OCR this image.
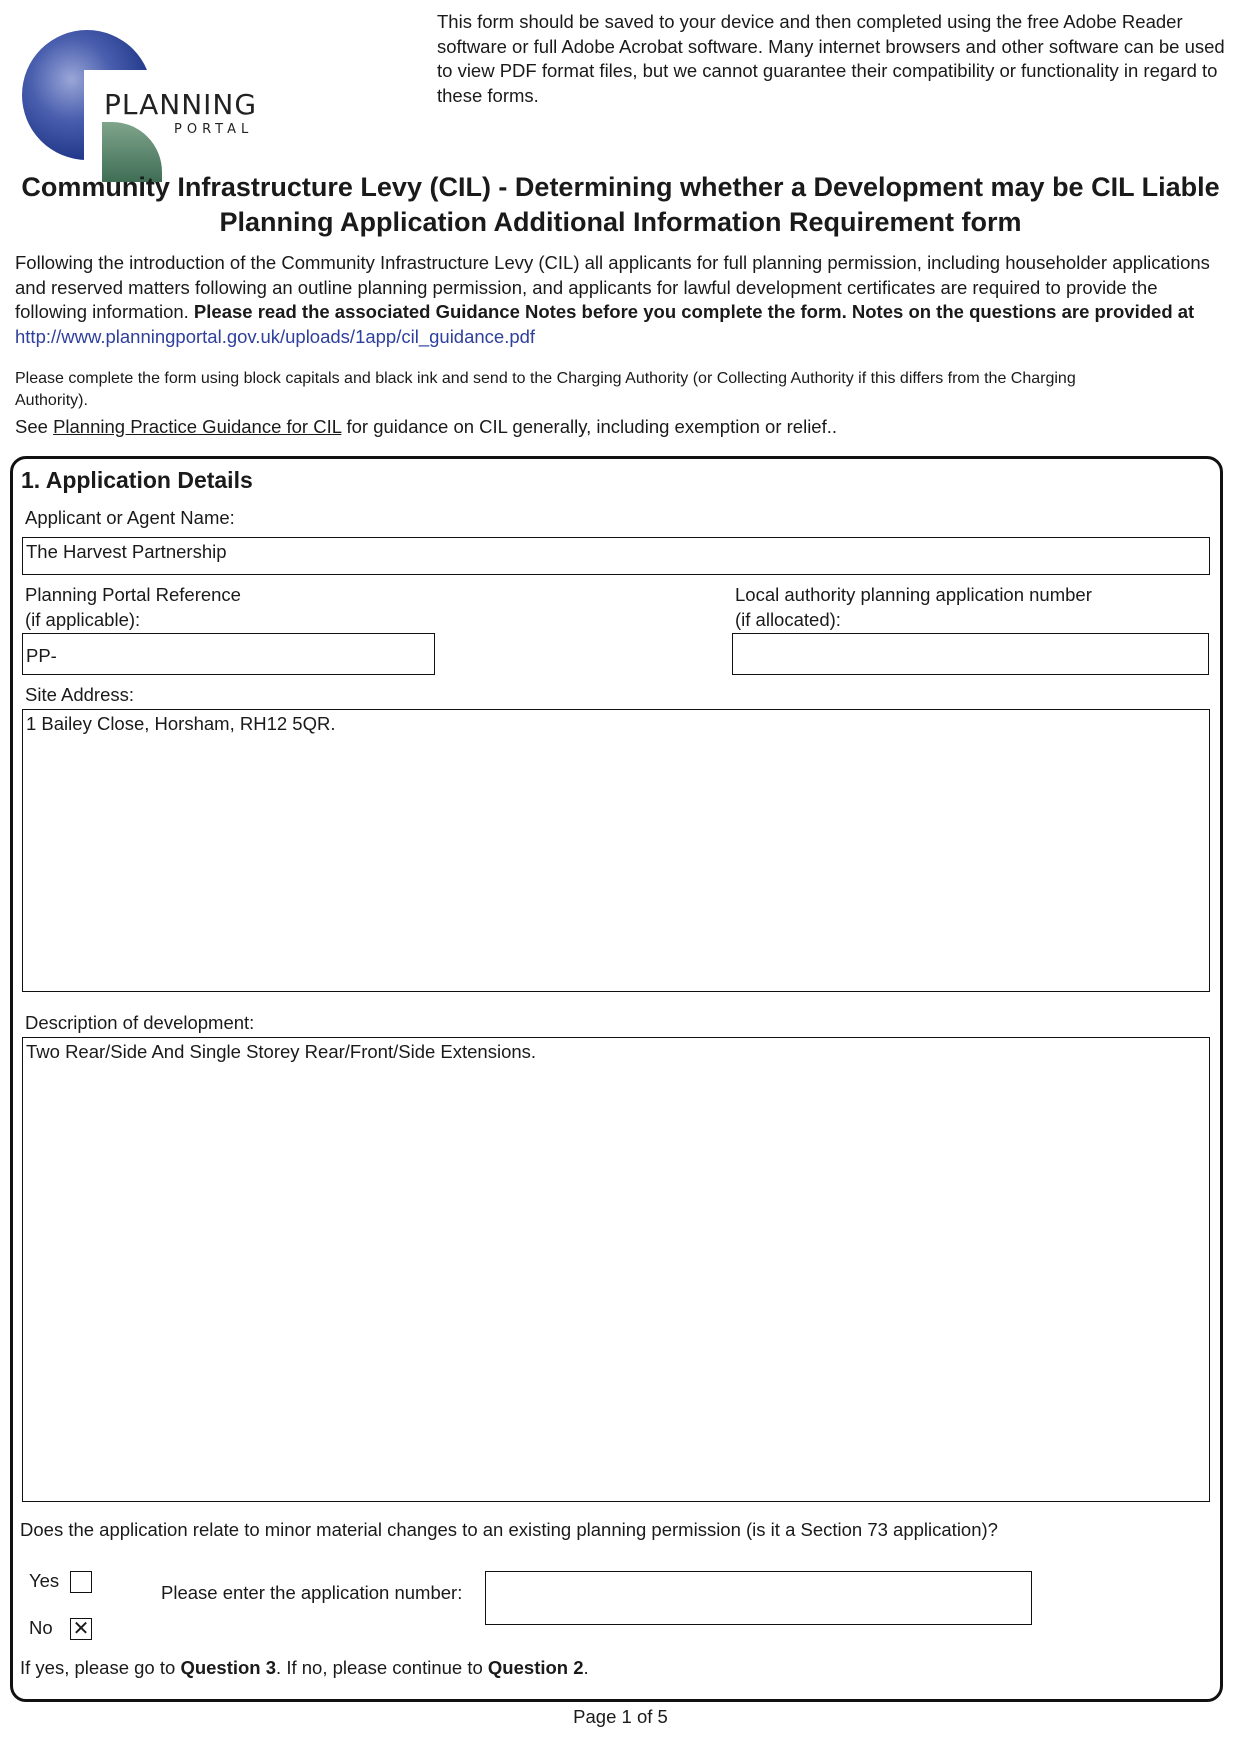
PLANNING
PORTAL
This form should be saved to your device and then completed using the free Adobe Reader software or full Adobe Acrobat software. Many internet browsers and other software can be used to view PDF format files, but we cannot guarantee their compatibility or functionality in regard to these forms.
Community Infrastructure Levy (CIL) - Determining whether a Development may be CIL Liable
Planning Application Additional Information Requirement form
Following the introduction of the Community Infrastructure Levy (CIL) all applicants for full planning permission, including householder applications and reserved matters following an outline planning permission, and applicants for lawful development certificates are required to provide the following information. Please read the associated Guidance Notes before you complete the form. Notes on the questions are provided at http://www.planningportal.gov.uk/uploads/1app/cil_guidance.pdf
Please complete the form using block capitals and black ink and send to the Charging Authority (or Collecting Authority if this differs from the Charging Authority).
See Planning Practice Guidance for CIL for guidance on CIL generally, including exemption or relief..
1. Application Details
Applicant or Agent Name:
The Harvest Partnership
Planning Portal Reference
(if applicable):
PP-
Local authority planning application number
(if allocated):
Site Address:
1 Bailey Close, Horsham, RH12 5QR.
Description of development:
Two Rear/Side And Single Storey Rear/Front/Side Extensions.
Does the application relate to minor material changes to an existing planning permission (is it a Section 73 application)?
Yes
No ✕
Please enter the application number:
If yes, please go to Question 3. If no, please continue to Question 2.
Page 1 of 5
